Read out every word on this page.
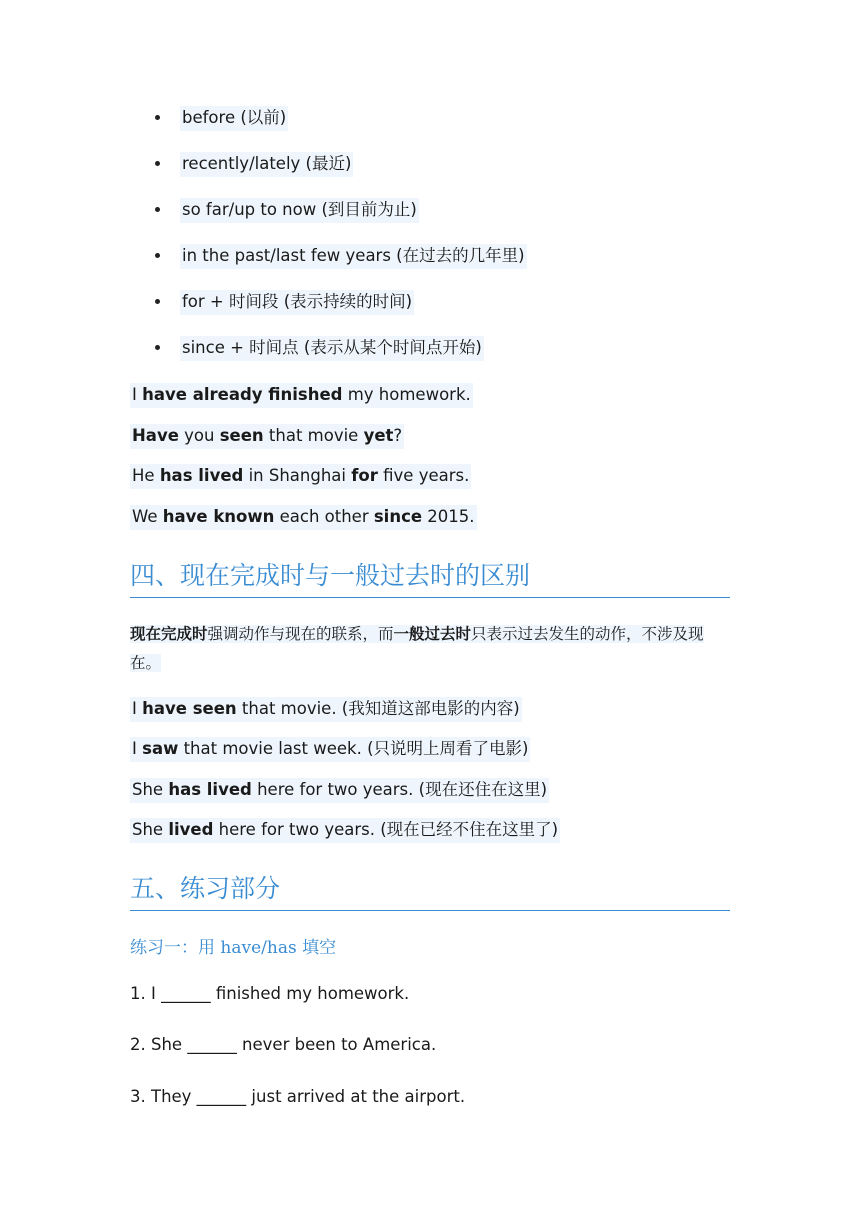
before (以前)
recently/lately (最近)
so far/up to now (到目前为止)
in the past/last few years (在过去的几年里)
for + 时间段 (表示持续的时间)
since + 时间点 (表示从某个时间点开始)
I have already finished my homework.
Have you seen that movie yet?
He has lived in Shanghai for five years.
We have known each other since 2015.
四、现在完成时与一般过去时的区别
现在完成时强调动作与现在的联系，而一般过去时只表示过去发生的动作，不涉及现在。
I have seen that movie. (我知道这部电影的内容)
I saw that movie last week. (只说明上周看了电影)
She has lived here for two years. (现在还住在这里)
She lived here for two years. (现在已经不住在这里了)
五、练习部分
练习一：用 have/has 填空
1. I ______ finished my homework.
2. She ______ never been to America.
3. They ______ just arrived at the airport.
